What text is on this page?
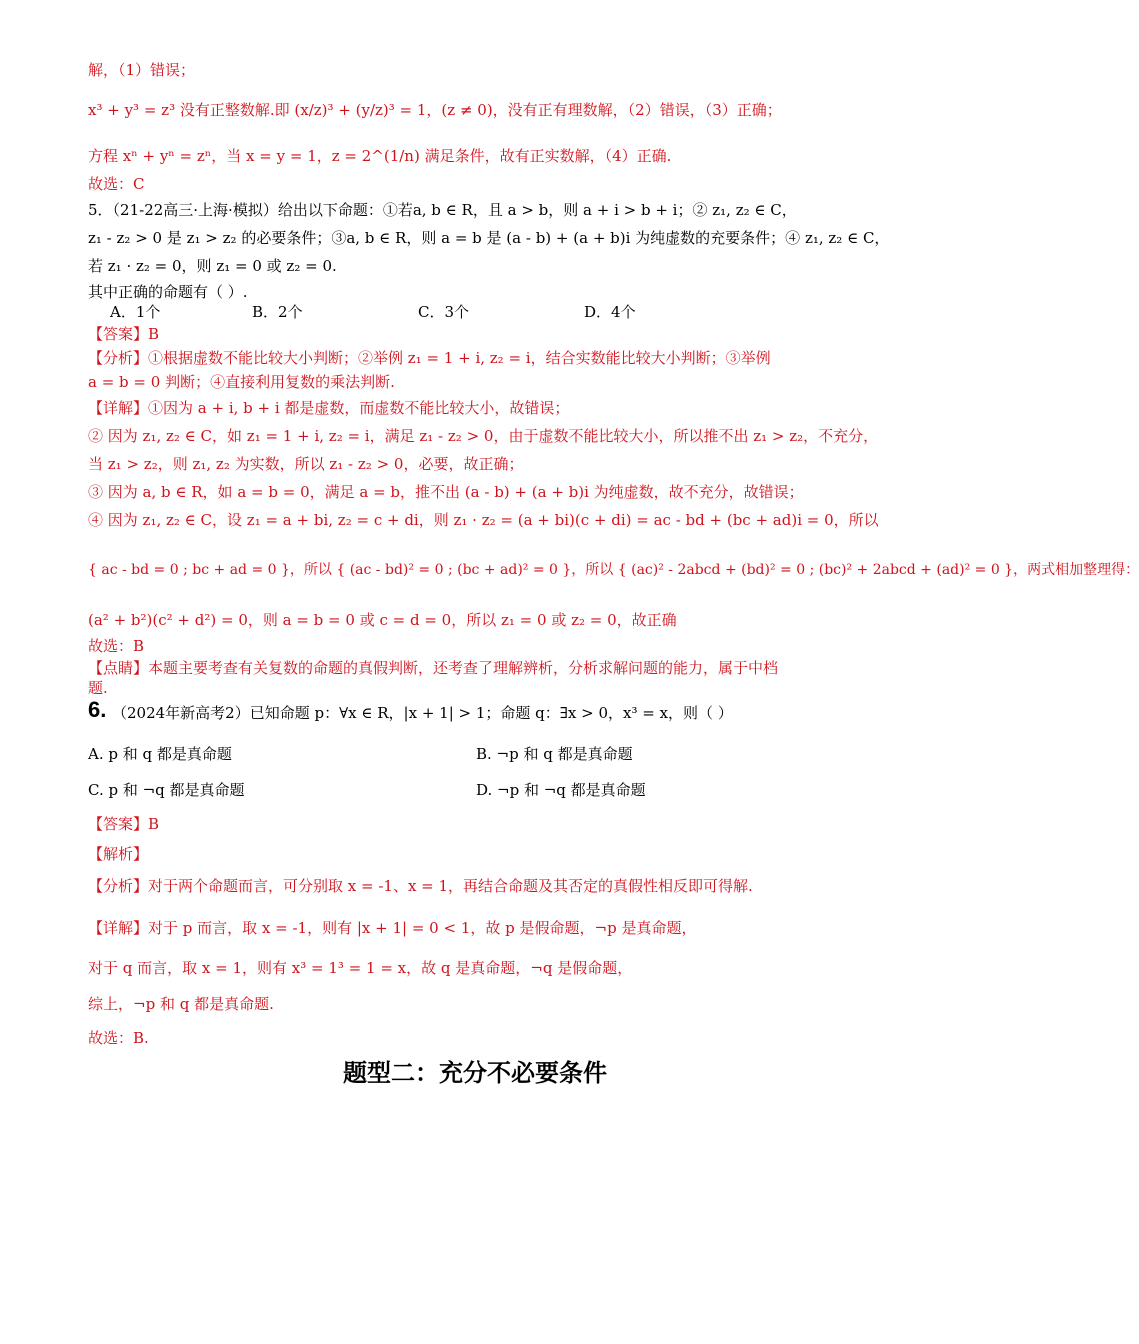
解，（1）错误；
x³ + y³ = z³ 没有正整数解.即 (x/z)³ + (y/z)³ = 1，(z ≠ 0)，没有正有理数解，（2）错误，（3）正确；
方程 xⁿ + yⁿ = zⁿ，当 x = y = 1，z = 2^(1/n) 满足条件，故有正实数解，（4）正确.
故选：C
5．（21-22高三·上海·模拟）给出以下命题：①若a, b ∈ R，且 a > b，则 a + i > b + i；② z₁, z₂ ∈ C，
z₁ - z₂ > 0 是 z₁ > z₂ 的必要条件；③a, b ∈ R，则 a = b 是 (a - b) + (a + b)i 为纯虚数的充要条件；④ z₁, z₂ ∈ C，
若 z₁ · z₂ = 0，则 z₁ = 0 或 z₂ = 0.
其中正确的命题有（ ）.
A．1个	B．2个	C．3个	D．4个
【答案】B
【分析】①根据虚数不能比较大小判断；②举例 z₁ = 1 + i, z₂ = i，结合实数能比较大小判断；③举例
a = b = 0 判断；④直接利用复数的乘法判断.
【详解】①因为 a + i, b + i 都是虚数，而虚数不能比较大小，故错误；
② 因为 z₁, z₂ ∈ C，如 z₁ = 1 + i, z₂ = i，满足 z₁ - z₂ > 0，由于虚数不能比较大小，所以推不出 z₁ > z₂，不充分，
当 z₁ > z₂，则 z₁, z₂ 为实数，所以 z₁ - z₂ > 0，必要，故正确；
③ 因为 a, b ∈ R，如 a = b = 0，满足 a = b，推不出 (a - b) + (a + b)i 为纯虚数，故不充分，故错误；
④ 因为 z₁, z₂ ∈ C，设 z₁ = a + bi, z₂ = c + di，则 z₁ · z₂ = (a + bi)(c + di) = ac - bd + (bc + ad)i = 0，所以
{ ac - bd = 0 ; bc + ad = 0 }，所以 { (ac - bd)² = 0 ; (bc + ad)² = 0 }，所以 { (ac)² - 2abcd + (bd)² = 0 ; (bc)² + 2abcd + (ad)² = 0 }，两式相加整理得：
(a² + b²)(c² + d²) = 0，则 a = b = 0 或 c = d = 0，所以 z₁ = 0 或 z₂ = 0，故正确
故选：B
【点睛】本题主要考查有关复数的命题的真假判断，还考查了理解辨析，分析求解问题的能力，属于中档
题.
6. （2024年新高考2）已知命题 p：∀x ∈ R，|x + 1| > 1；命题 q：∃x > 0，x³ = x，则（ ）
A. p 和 q 都是真命题	B. ¬p 和 q 都是真命题
C. p 和 ¬q 都是真命题	D. ¬p 和 ¬q 都是真命题
【答案】B
【解析】
【分析】对于两个命题而言，可分别取 x = -1、x = 1，再结合命题及其否定的真假性相反即可得解.
【详解】对于 p 而言，取 x = -1，则有 |x + 1| = 0 < 1，故 p 是假命题，¬p 是真命题，
对于 q 而言，取 x = 1，则有 x³ = 1³ = 1 = x，故 q 是真命题，¬q 是假命题，
综上，¬p 和 q 都是真命题.
故选：B.
题型二：充分不必要条件
